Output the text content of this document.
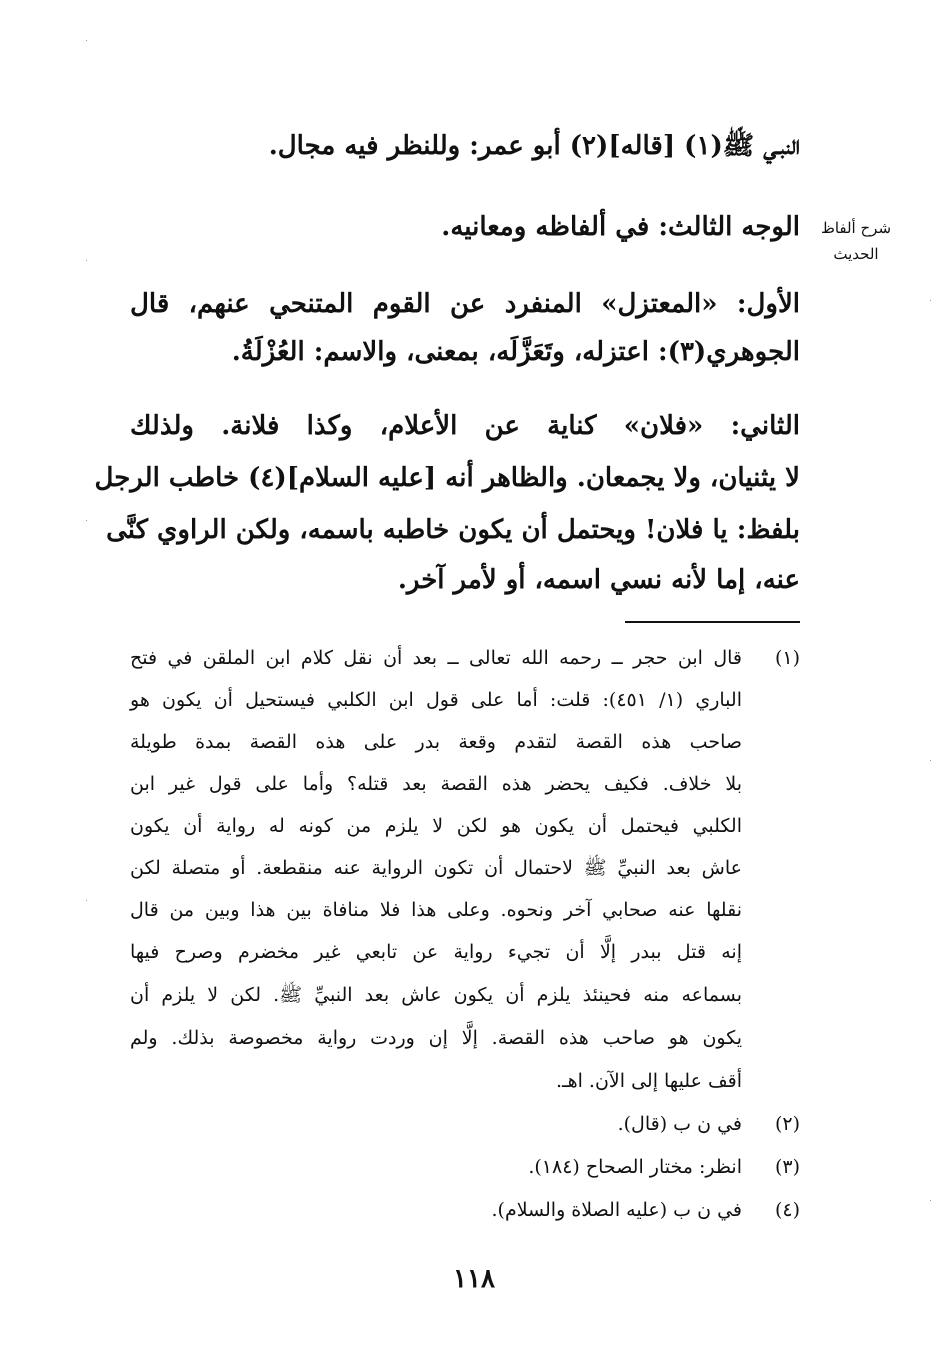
النبـي ﷺ(١) [قاله](٢) أبو عمر: وللنظر فيه مجال.
الوجه الثالث: في ألفاظه ومعانيه.
الأول: «المعتزل» المنفرد عن القوم المتنحي عنهم، قال
الجوهري(٣): اعتزله، وتَعَزَّلَه، بمعنى، والاسم: العُزْلَةُ.
الثاني: «فلان» كناية عن الأعلام، وكذا فلانة. ولذلك
لا يثنيان، ولا يجمعان. والظاهر أنه [عليه السلام](٤) خاطب الرجل
بلفظ: يا فلان! ويحتمل أن يكون خاطبه باسمه، ولكن الراوي كنَّى
عنه، إما لأنه نسي اسمه، أو لأمر آخر.
شرح ألفاظ
الحديث
(١)
قال ابن حجر ــ رحمه الله تعالى ــ بعد أن نقل كلام ابن الملقن في فتح
الباري (١/ ٤٥١): قلت: أما على قول ابن الكلبي فيستحيل أن يكون هو
صاحب هذه القصة لتقدم وقعة بدر على هذه القصة بمدة طويلة
بلا خلاف. فكيف يحضر هذه القصة بعد قتله؟ وأما على قول غير ابن
الكلبي فيحتمل أن يكون هو لكن لا يلزم من كونه له رواية أن يكون
عاش بعد النبيِّ ﷺ لاحتمال أن تكون الرواية عنه منقطعة. أو متصلة لكن
نقلها عنه صحابي آخر ونحوه. وعلى هذا فلا منافاة بين هذا وبين من قال
إنه قتل ببدر إلَّا أن تجيء رواية عن تابعي غير مخضرم وصرح فيها
بسماعه منه فحينئذ يلزم أن يكون عاش بعد النبيِّ ﷺ. لكن لا يلزم أن
يكون هو صاحب هذه القصة. إلَّا إن وردت رواية مخصوصة بذلك. ولم
أقف عليها إلى الآن. اهـ.
(٢)
في ن ب (قال).
(٣)
انظر: مختار الصحاح (١٨٤).
(٤)
في ن ب (عليه الصلاة والسلام).
١١٨
